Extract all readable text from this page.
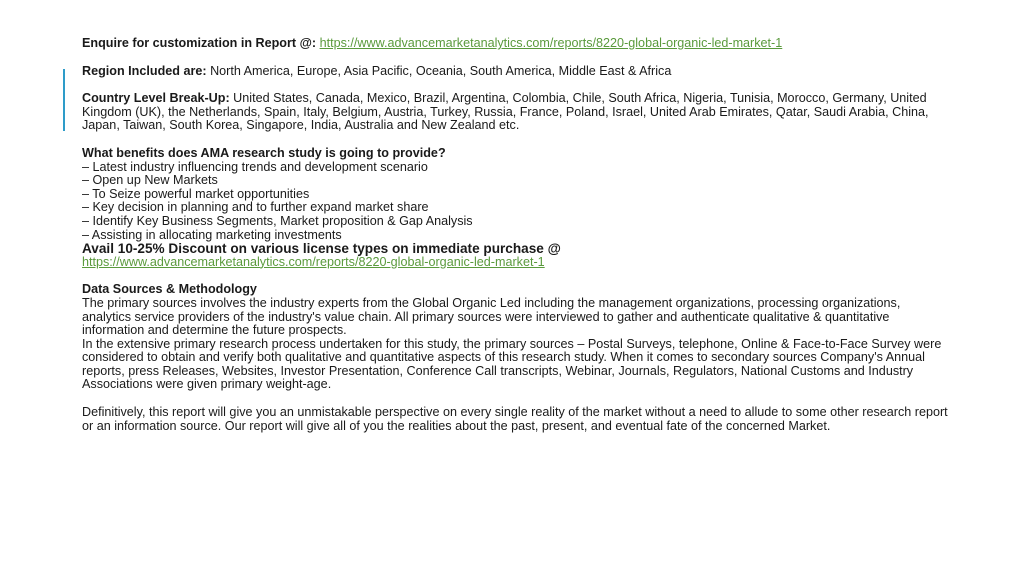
Enquire for customization in Report @: https://www.advancemarketanalytics.com/reports/8220-global-organic-led-market-1

Region Included are: North America, Europe, Asia Pacific, Oceania, South America, Middle East & Africa

Country Level Break-Up: United States, Canada, Mexico, Brazil, Argentina, Colombia, Chile, South Africa, Nigeria, Tunisia, Morocco, Germany, United Kingdom (UK), the Netherlands, Spain, Italy, Belgium, Austria, Turkey, Russia, France, Poland, Israel, United Arab Emirates, Qatar, Saudi Arabia, China, Japan, Taiwan, South Korea, Singapore, India, Australia and New Zealand etc.

What benefits does AMA research study is going to provide?
– Latest industry influencing trends and development scenario
– Open up New Markets
– To Seize powerful market opportunities
– Key decision in planning and to further expand market share
– Identify Key Business Segments, Market proposition & Gap Analysis
– Assisting in allocating marketing investments
Avail 10-25% Discount on various license types on immediate purchase @
https://www.advancemarketanalytics.com/reports/8220-global-organic-led-market-1
Data Sources & Methodology
The primary sources involves the industry experts from the Global Organic Led including the management organizations, processing organizations, analytics service providers of the industry's value chain. All primary sources were interviewed to gather and authenticate qualitative & quantitative information and determine the future prospects.
In the extensive primary research process undertaken for this study, the primary sources – Postal Surveys, telephone, Online & Face-to-Face Survey were considered to obtain and verify both qualitative and quantitative aspects of this research study. When it comes to secondary sources Company's Annual reports, press Releases, Websites, Investor Presentation, Conference Call transcripts, Webinar, Journals, Regulators, National Customs and Industry Associations were given primary weight-age.

Definitively, this report will give you an unmistakable perspective on every single reality of the market without a need to allude to some other research report or an information source. Our report will give all of you the realities about the past, present, and eventual fate of the concerned Market.
